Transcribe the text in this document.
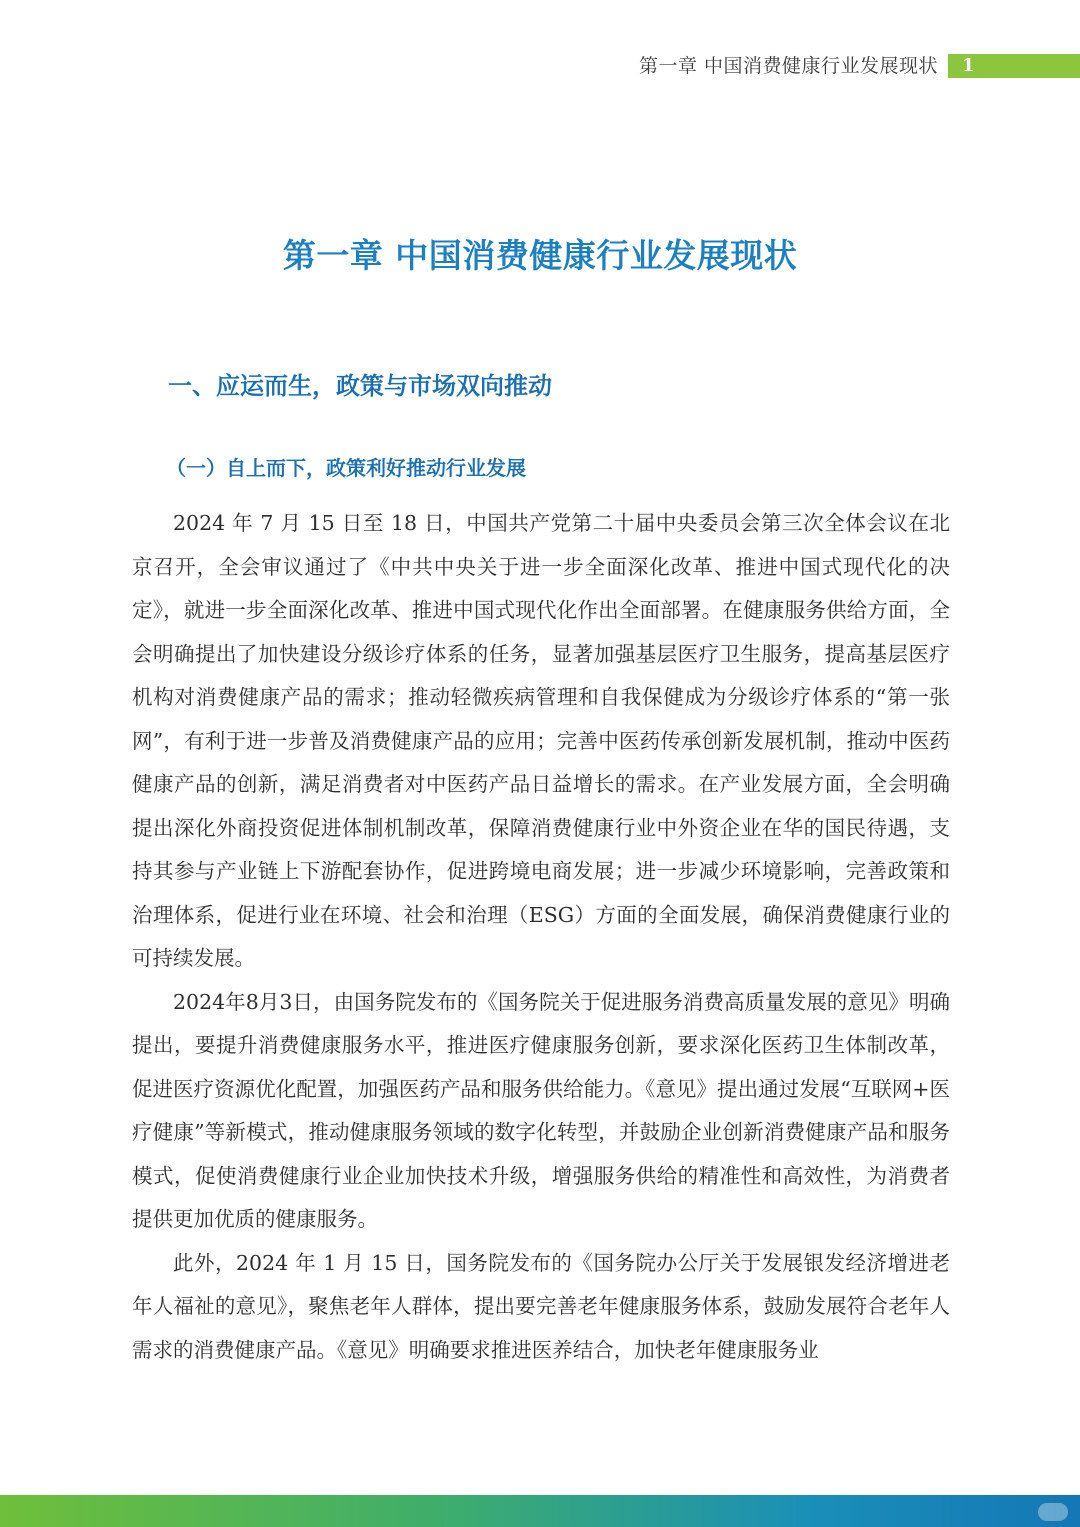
第一章 中国消费健康行业发展现状 1
第一章 中国消费健康行业发展现状
一、应运而生，政策与市场双向推动
（一）自上而下，政策利好推动行业发展

2024 年 7 月 15 日至 18 日，中国共产党第二十届中央委员会第三次全体会议在北京召开，全会审议通过了《中共中央关于进一步全面深化改革、推进中国式现代化的决定》，就进一步全面深化改革、推进中国式现代化作出全面部署。在健康服务供给方面，全会明确提出了加快建设分级诊疗体系的任务，显著加强基层医疗卫生服务，提高基层医疗机构对消费健康产品的需求；推动轻微疾病管理和自我保健成为分级诊疗体系的“第一张网”，有利于进一步普及消费健康产品的应用；完善中医药传承创新发展机制，推动中医药健康产品的创新，满足消费者对中医药产品日益增长的需求。在产业发展方面，全会明确提出深化外商投资促进体制机制改革，保障消费健康行业中外资企业在华的国民待遇，支持其参与产业链上下游配套协作，促进跨境电商发展；进一步减少环境影响，完善政策和治理体系，促进行业在环境、社会和治理（ESG）方面的全面发展，确保消费健康行业的可持续发展。

2024年8月3日，由国务院发布的《国务院关于促进服务消费高质量发展的意见》明确提出，要提升消费健康服务水平，推进医疗健康服务创新，要求深化医药卫生体制改革，促进医疗资源优化配置，加强医药产品和服务供给能力。《意见》提出通过发展“互联网+医疗健康”等新模式，推动健康服务领域的数字化转型，并鼓励企业创新消费健康产品和服务模式，促使消费健康行业企业加快技术升级，增强服务供给的精准性和高效性，为消费者提供更加优质的健康服务。

此外，2024 年 1 月 15 日，国务院发布的《国务院办公厅关于发展银发经济增进老年人福祉的意见》，聚焦老年人群体，提出要完善老年健康服务体系，鼓励发展符合老年人需求的消费健康产品。《意见》明确要求推进医养结合，加快老年健康服务业
